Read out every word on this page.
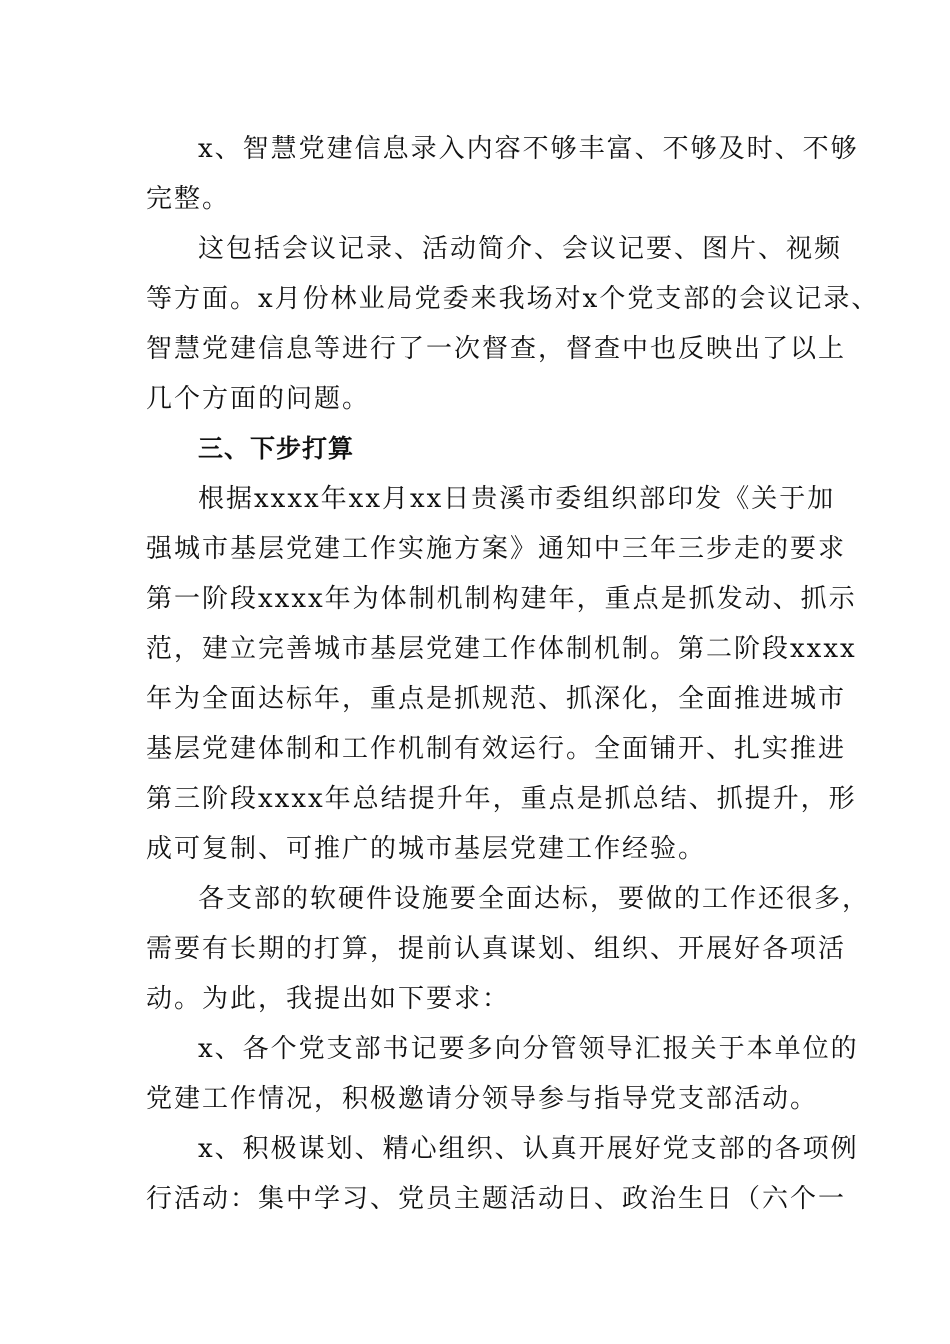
x、智慧党建信息录入内容不够丰富、不够及时、不够
完整。
这包括会议记录、活动简介、会议记要、图片、视频
等方面。x月份林业局党委来我场对x个党支部的会议记录、
智慧党建信息等进行了一次督查，督查中也反映出了以上
几个方面的问题。
三、下步打算
根据xxxx年xx月xx日贵溪市委组织部印发《关于加
强城市基层党建工作实施方案》通知中三年三步走的要求
第一阶段xxxx年为体制机制构建年，重点是抓发动、抓示
范，建立完善城市基层党建工作体制机制。第二阶段xxxx
年为全面达标年，重点是抓规范、抓深化，全面推进城市
基层党建体制和工作机制有效运行。全面铺开、扎实推进
第三阶段xxxx年总结提升年，重点是抓总结、抓提升，形
成可复制、可推广的城市基层党建工作经验。
各支部的软硬件设施要全面达标，要做的工作还很多，
需要有长期的打算，提前认真谋划、组织、开展好各项活
动。为此，我提出如下要求：
x、各个党支部书记要多向分管领导汇报关于本单位的
党建工作情况，积极邀请分领导参与指导党支部活动。
x、积极谋划、精心组织、认真开展好党支部的各项例
行活动：集中学习、党员主题活动日、政治生日（六个一
